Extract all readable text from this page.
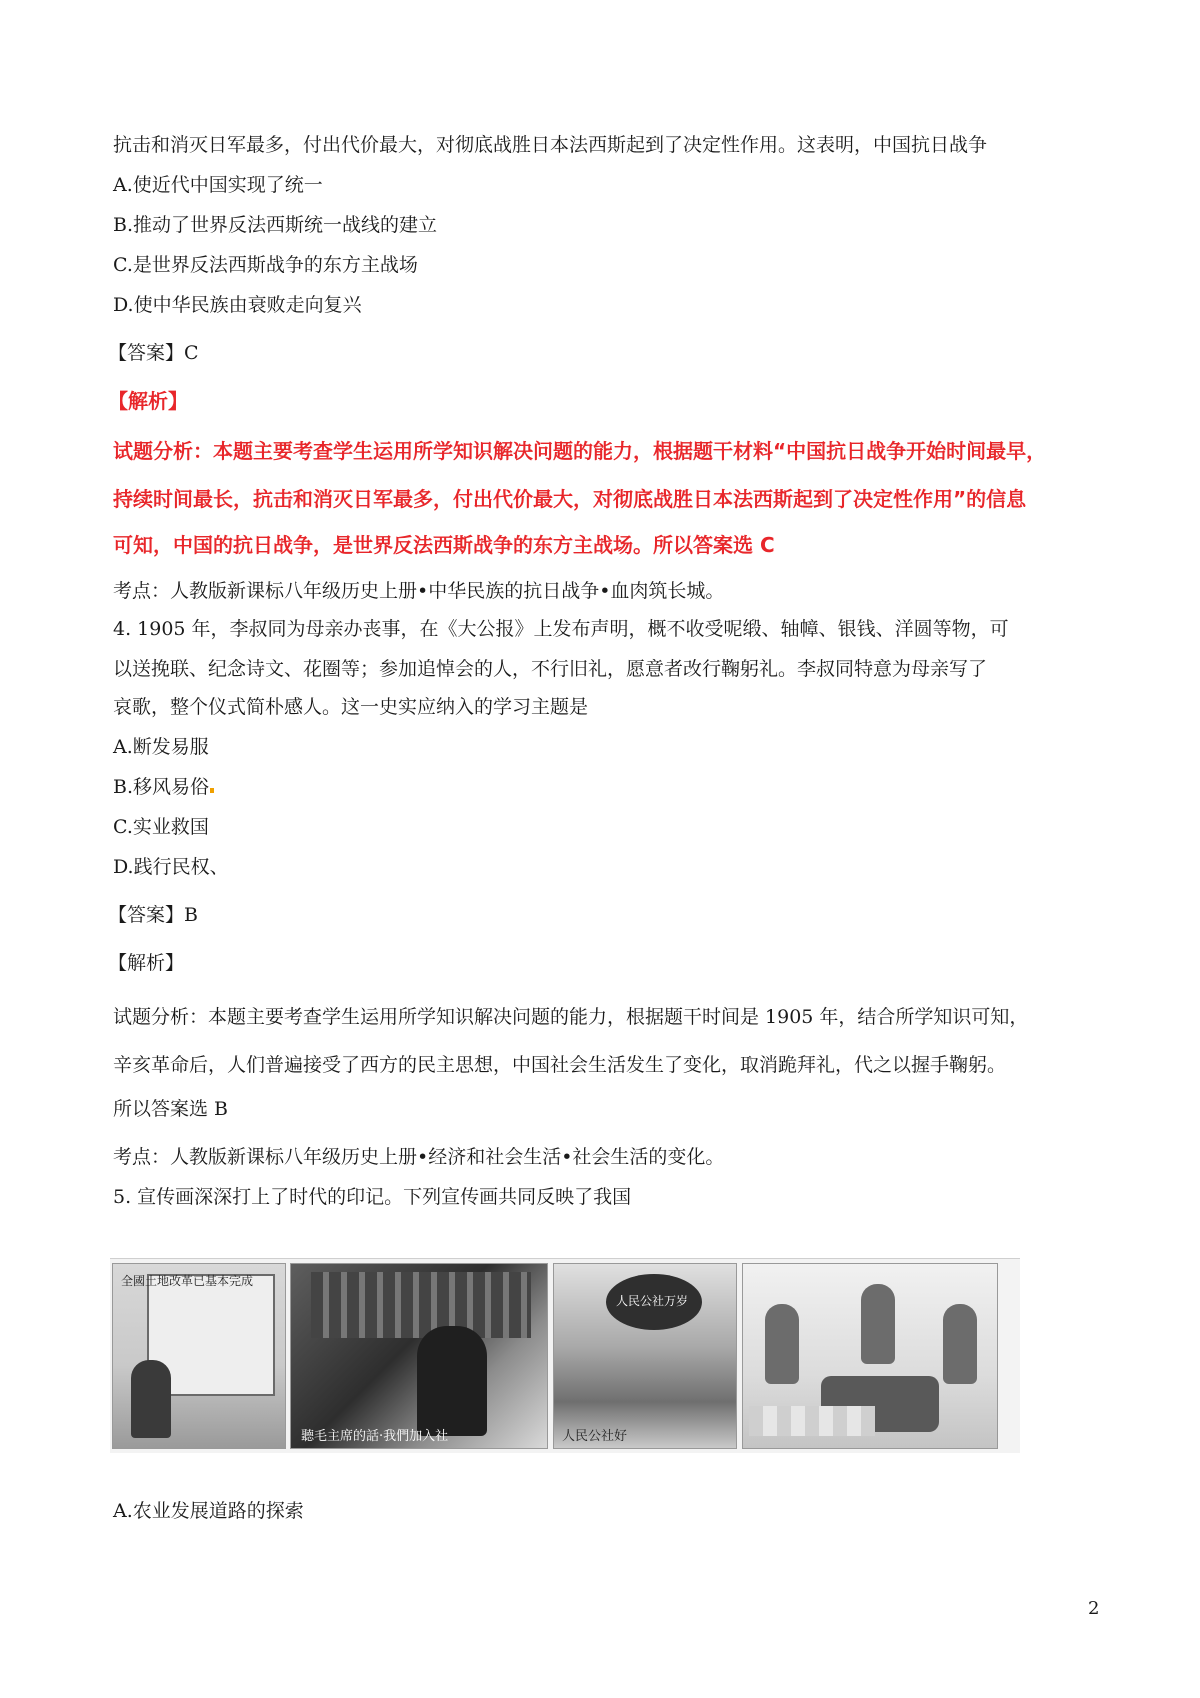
抗击和消灭日军最多，付出代价最大，对彻底战胜日本法西斯起到了决定性作用。这表明，中国抗日战争
A.使近代中国实现了统一
B.推动了世界反法西斯统一战线的建立
C.是世界反法西斯战争的东方主战场
D.使中华民族由衰败走向复兴
【答案】C
【解析】
试题分析：本题主要考查学生运用所学知识解决问题的能力，根据题干材料“中国抗日战争开始时间最早，
持续时间最长，抗击和消灭日军最多，付出代价最大，对彻底战胜日本法西斯起到了决定性作用”的信息
可知，中国的抗日战争，是世界反法西斯战争的东方主战场。所以答案选 C
考点：人教版新课标八年级历史上册•中华民族的抗日战争•血肉筑长城。
4. 1905 年，李叔同为母亲办丧事，在《大公报》上发布声明，概不收受呢缎、轴幛、银钱、洋圆等物，可
以送挽联、纪念诗文、花圈等；参加追悼会的人，不行旧礼，愿意者改行鞠躬礼。李叔同特意为母亲写了
哀歌，整个仪式简朴感人。这一史实应纳入的学习主题是
A.断发易服
B.移风易俗
C.实业救国
D.践行民权、
【答案】B
【解析】
试题分析：本题主要考查学生运用所学知识解决问题的能力，根据题干时间是 1905 年，结合所学知识可知，
辛亥革命后，人们普遍接受了西方的民主思想，中国社会生活发生了变化，取消跪拜礼，代之以握手鞠躬。
所以答案选 B
考点：人教版新课标八年级历史上册•经济和社会生活•社会生活的变化。
5. 宣传画深深打上了时代的印记。下列宣传画共同反映了我国
全國土地改革已基本完成
聽毛主席的話·我們加入社
人民公社万岁
人民公社好
A.农业发展道路的探索
2
